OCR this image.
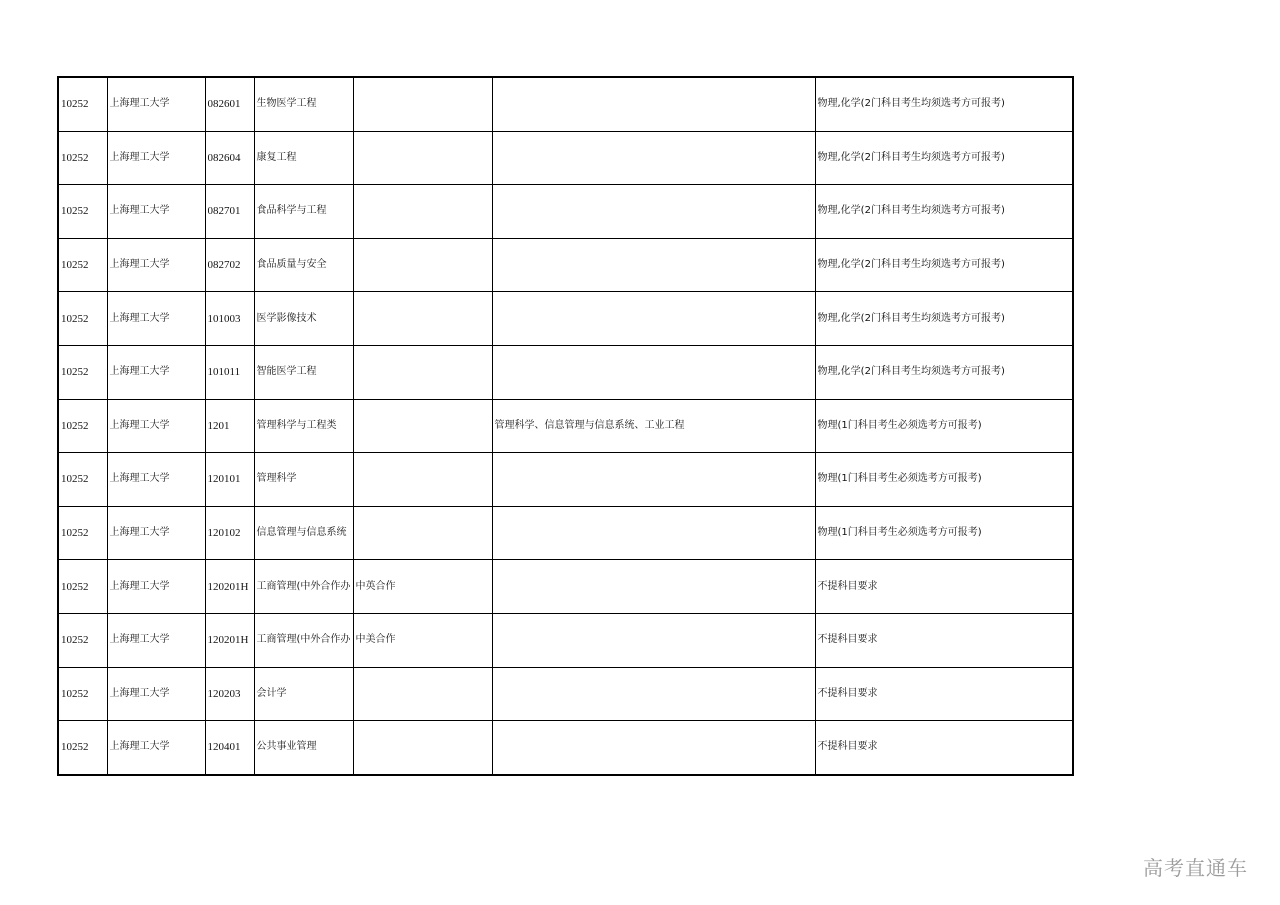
10252	上海理工大学	082601	生物医学工程			物理,化学(2门科目考生均须选考方可报考)
10252	上海理工大学	082604	康复工程			物理,化学(2门科目考生均须选考方可报考)
10252	上海理工大学	082701	食品科学与工程			物理,化学(2门科目考生均须选考方可报考)
10252	上海理工大学	082702	食品质量与安全			物理,化学(2门科目考生均须选考方可报考)
10252	上海理工大学	101003	医学影像技术			物理,化学(2门科目考生均须选考方可报考)
10252	上海理工大学	101011	智能医学工程			物理,化学(2门科目考生均须选考方可报考)
10252	上海理工大学	1201	管理科学与工程类		管理科学、信息管理与信息系统、工业工程	物理(1门科目考生必须选考方可报考)
10252	上海理工大学	120101	管理科学			物理(1门科目考生必须选考方可报考)
10252	上海理工大学	120102	信息管理与信息系统			物理(1门科目考生必须选考方可报考)
10252	上海理工大学	120201H	工商管理(中外合作办	中英合作		不提科目要求
10252	上海理工大学	120201H	工商管理(中外合作办	中美合作		不提科目要求
10252	上海理工大学	120203	会计学			不提科目要求
10252	上海理工大学	120401	公共事业管理			不提科目要求
高考直通车
